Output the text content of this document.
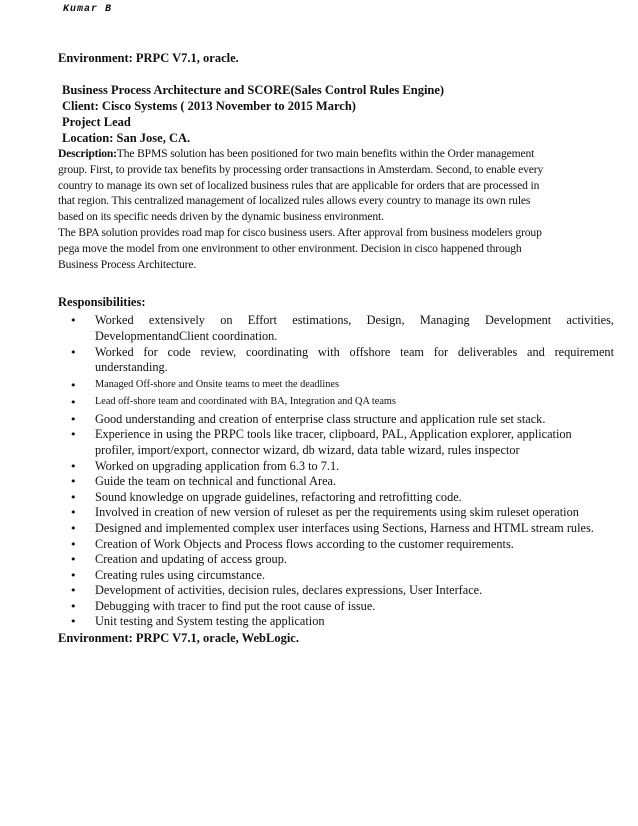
Kumar B

Environment: PRPC V7.1, oracle.

Business Process Architecture and SCORE(Sales Control Rules Engine)
Client: Cisco Systems ( 2013 November to 2015 March)
Project Lead
Location: San Jose, CA.
Description:The BPMS solution has been positioned for two main benefits within the Order management
group. First, to provide tax benefits by processing order transactions in Amsterdam. Second, to enable every
country to manage its own set of localized business rules that are applicable for orders that are processed in
that region. This centralized management of localized rules allows every country to manage its own rules
based on its specific needs driven by the dynamic business environment.
The BPA solution provides road map for cisco business users. After approval from business modelers group
pega move the model from one environment to other environment. Decision in cisco happened through
Business Process Architecture.
Responsibilities:
• Worked extensively on Effort estimations, Design, Managing Development activities, DevelopmentandClient coordination.
• Worked for code review, coordinating with offshore team for deliverables and requirement understanding.
• Managed Off-shore and Onsite teams to meet the deadlines
• Lead off-shore team and coordinated with BA, Integration and QA teams
• Good understanding and creation of enterprise class structure and application rule set stack.
• Experience in using the PRPC tools like tracer, clipboard, PAL, Application explorer, application profiler, import/export, connector wizard, db wizard, data table wizard, rules inspector
• Worked on upgrading application from 6.3 to 7.1.
• Guide the team on technical and functional Area.
• Sound knowledge on upgrade guidelines, refactoring and retrofitting code.
• Involved in creation of new version of ruleset as per the requirements using skim ruleset operation
• Designed and implemented complex user interfaces using Sections, Harness and HTML stream rules.
• Creation of Work Objects and Process flows according to the customer requirements.
• Creation and updating of access group.
• Creating rules using circumstance.
• Development of activities, decision rules, declares expressions, User Interface.
• Debugging with tracer to find put the root cause of issue.
• Unit testing and System testing the application

Environment: PRPC V7.1, oracle, WebLogic.
